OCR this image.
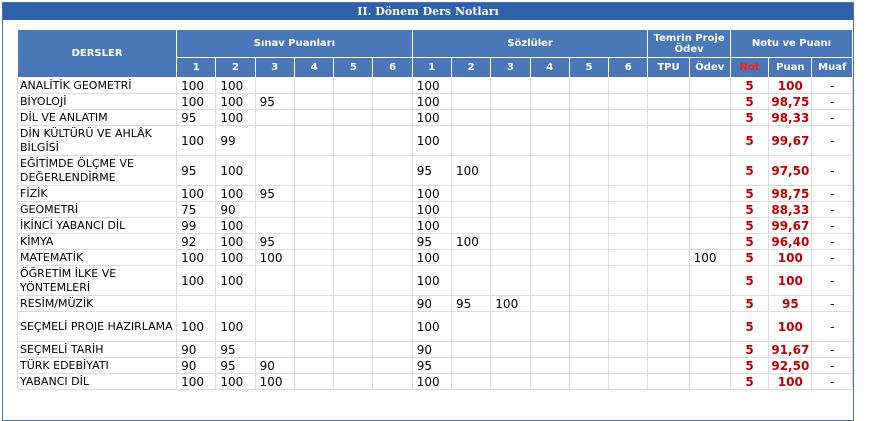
II. Dönem Ders Notları
DERSLER	Sınav Puanları						Sözlüler						Temrin Proje Ödev		Notu ve Puanı		
	1	2	3	4	5	6	1	2	3	4	5	6	TPU	Ödev	Not	Puan	Muaf
ANALİTİK GEOMETRİ	100	100					100								5	100	-
BİYOLOJİ	100	100	95				100								5	98,75	-
DİL VE ANLATIM	95	100					100								5	98,33	-
DİN KÜLTÜRÜ VE AHLÂK BİLGİSİ	100	99					100								5	99,67	-
EĞİTİMDE ÖLÇME VE DEĞERLENDİRME	95	100					95	100							5	97,50	-
FİZİK	100	100	95				100								5	98,75	-
GEOMETRİ	75	90					100								5	88,33	-
İKİNCİ YABANCI DİL	99	100					100								5	99,67	-
KİMYA	92	100	95				95	100							5	96,40	-
MATEMATİK	100	100	100				100							100	5	100	-
ÖĞRETİM İLKE VE YÖNTEMLERİ	100	100					100								5	100	-
RESİM/MÜZİK							90	95	100						5	95	-
SEÇMELİ PROJE HAZIRLAMA	100	100					100								5	100	-
SEÇMELİ TARİH	90	95					90								5	91,67	-
TÜRK EDEBİYATI	90	95	90				95								5	92,50	-
YABANCI DİL	100	100	100				100								5	100	-
